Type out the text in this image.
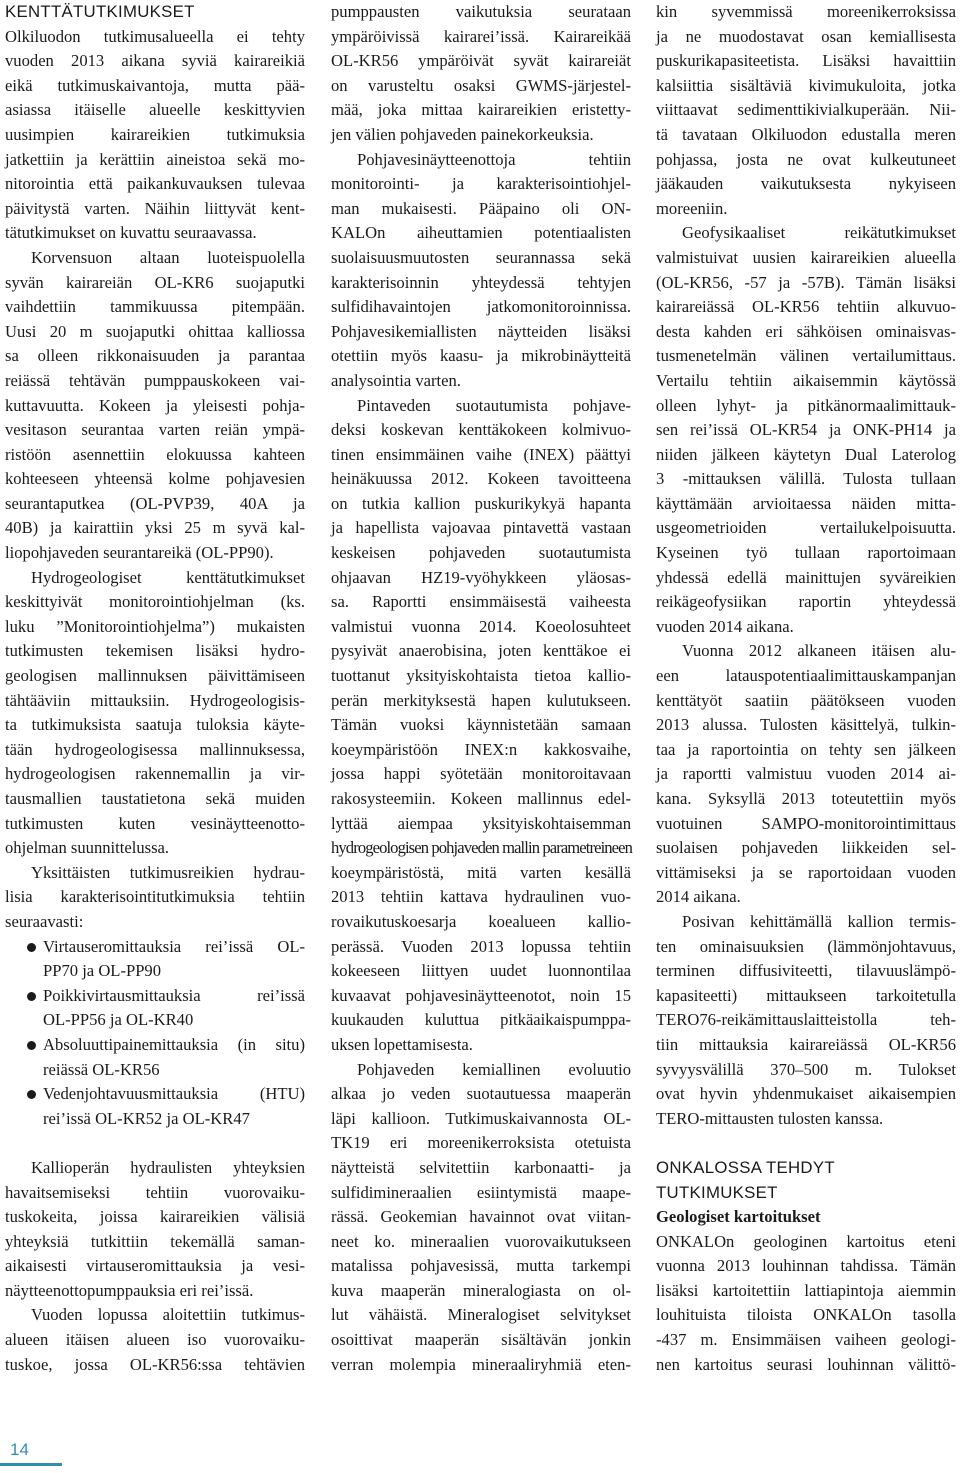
KENTTÄTUTKIMUKSET
Olkiluodon tutkimusalueella ei tehty
vuoden 2013 aikana syviä kairareikiä
eikä tutkimuskaivantoja, mutta pää-
asiassa itäiselle alueelle keskittyvien
uusimpien kairareikien tutkimuksia
jatkettiin ja kerättiin aineistoa sekä mo-
nitorointia että paikankuvauksen tulevaa
päivitystä varten. Näihin liittyvät kent-
tätutkimukset on kuvattu seuraavassa.
Korvensuon altaan luoteispuolella
syvän kairareiän OL-KR6 suojaputki
vaihdettiin tammikuussa pitempään.
Uusi 20 m suojaputki ohittaa kalliossa
sa olleen rikkonaisuuden ja parantaa
reiässä tehtävän pumppauskokeen vai-
kuttavuutta. Kokeen ja yleisesti pohja-
vesitason seurantaa varten reiän ympä-
ristöön asennettiin elokuussa kahteen
kohteeseen yhteensä kolme pohjavesien
seurantaputkea (OL-PVP39, 40A ja
40B) ja kairattiin yksi 25 m syvä kal-
liopohjaveden seurantareikä (OL-PP90).
Hydrogeologiset kenttätutkimukset
keskittyivät monitorointiohjelman (ks.
luku ”Monitorointiohjelma”) mukaisten
tutkimusten tekemisen lisäksi hydro-
geologisen mallinnuksen päivittämiseen
tähtääviin mittauksiin. Hydrogeologisis-
ta tutkimuksista saatuja tuloksia käyte-
tään hydrogeologisessa mallinnuksessa,
hydrogeologisen rakennemallin ja vir-
tausmallien taustatietona sekä muiden
tutkimusten kuten vesinäytteenotto-
ohjelman suunnittelussa.
Yksittäisten tutkimusreikien hydrau-
lisia karakterisointitutkimuksia tehtiin
seuraavasti:
Virtauseromittauksia rei’issä OL-
PP70 ja OL-PP90
Poikkivirtausmittauksia rei’issä
OL-PP56 ja OL-KR40
Absoluuttipainemittauksia (in situ)
reiässä OL-KR56
Vedenjohtavuusmittauksia (HTU)
rei’issä OL-KR52 ja OL-KR47
Kallioperän hydraulisten yhteyksien
havaitsemiseksi tehtiin vuorovaiku-
tuskokeita, joissa kairareikien välisiä
yhteyksiä tutkittiin tekemällä saman-
aikaisesti virtauseromittauksia ja vesi-
näytteenottopumppauksia eri rei’issä.
Vuoden lopussa aloitettiin tutkimus-
alueen itäisen alueen iso vuorovaiku-
tuskoe, jossa OL-KR56:ssa tehtävien
pumppausten vaikutuksia seurataan
ympäröivissä kairarei’issä. Kairareikää
OL-KR56 ympäröivät syvät kairareiät
on varusteltu osaksi GWMS-järjestel-
mää, joka mittaa kairareikien eristetty-
jen välien pohjaveden painekorkeuksia.
Pohjavesinäytteenottoja tehtiin
monitorointi- ja karakterisointiohjel-
man mukaisesti. Pääpaino oli ON-
KALOn aiheuttamien potentiaalisten
suolaisuusmuutosten seurannassa sekä
karakterisoinnin yhteydessä tehtyjen
sulfidihavaintojen jatkomonitoroinnissa.
Pohjavesikemiallisten näytteiden lisäksi
otettiin myös kaasu- ja mikrobinäytteitä
analysointia varten.
Pintaveden suotautumista pohjave-
deksi koskevan kenttäkokeen kolmivuo-
tinen ensimmäinen vaihe (INEX) päättyi
heinäkuussa 2012. Kokeen tavoitteena
on tutkia kallion puskurikykyä hapanta
ja hapellista vajoavaa pintavettä vastaan
keskeisen pohjaveden suotautumista
ohjaavan HZ19-vyöhykkeen yläosas-
sa. Raportti ensimmäisestä vaiheesta
valmistui vuonna 2014. Koeolosuhteet
pysyivät anaerobisina, joten kenttäkoe ei
tuottanut yksityiskohtaista tietoa kallio-
perän merkityksestä hapen kulutukseen.
Tämän vuoksi käynnistetään samaan
koeympäristöön INEX:n kakkosvaihe,
jossa happi syötetään monitoroitavaan
rakosysteemiin. Kokeen mallinnus edel-
lyttää aiempaa yksityiskohtaisemman
hydrogeologisen pohjaveden mallin parametreineen
koeympäristöstä, mitä varten kesällä
2013 tehtiin kattava hydraulinen vuo-
rovaikutuskoesarja koealueen kallio-
perässä. Vuoden 2013 lopussa tehtiin
kokeeseen liittyen uudet luonnontilaa
kuvaavat pohjavesinäytteenotot, noin 15
kuukauden kuluttua pitkäaikaispumppa-
uksen lopettamisesta.
Pohjaveden kemiallinen evoluutio
alkaa jo veden suotautuessa maaperän
läpi kallioon. Tutkimuskaivannosta OL-
TK19 eri moreenikerroksista otetuista
näytteistä selvitettiin karbonaatti- ja
sulfidimineraalien esiintymistä maape-
rässä. Geokemian havainnot ovat viitan-
neet ko. mineraalien vuorovaikutukseen
matalissa pohjavesissä, mutta tarkempi
kuva maaperän mineralogiasta on ol-
lut vähäistä. Mineralogiset selvitykset
osoittivat maaperän sisältävän jonkin
verran molempia mineraaliryhmiä eten-
kin syvemmissä moreenikerroksissa
ja ne muodostavat osan kemiallisesta
puskurikapasiteetista. Lisäksi havaittiin
kalsiittia sisältäviä kivimukuloita, jotka
viittaavat sedimenttikivialkuperään. Nii-
tä tavataan Olkiluodon edustalla meren
pohjassa, josta ne ovat kulkeutuneet
jääkauden vaikutuksesta nykyiseen
moreeniin.
Geofysikaaliset reikätutkimukset
valmistuivat uusien kairareikien alueella
(OL-KR56, -57 ja -57B). Tämän lisäksi
kairareiässä OL-KR56 tehtiin alkuvuo-
desta kahden eri sähköisen ominaisvas-
tusmenetelmän välinen vertailumittaus.
Vertailu tehtiin aikaisemmin käytössä
olleen lyhyt- ja pitkänormaalimittauk-
sen rei’issä OL-KR54 ja ONK-PH14 ja
niiden jälkeen käytetyn Dual Laterolog
3 -mittauksen välillä. Tulosta tullaan
käyttämään arvioitaessa näiden mitta-
usgeometrioiden vertailukelpoisuutta.
Kyseinen työ tullaan raportoimaan
yhdessä edellä mainittujen syväreikien
reikägeofysiikan raportin yhteydessä
vuoden 2014 aikana.
Vuonna 2012 alkaneen itäisen alu-
een latauspotentiaalimittauskampanjan
kenttätyöt saatiin päätökseen vuoden
2013 alussa. Tulosten käsittelyä, tulkin-
taa ja raportointia on tehty sen jälkeen
ja raportti valmistuu vuoden 2014 ai-
kana. Syksyllä 2013 toteutettiin myös
vuotuinen SAMPO-monitorointimittaus
suolaisen pohjaveden liikkeiden sel-
vittämiseksi ja se raportoidaan vuoden
2014 aikana.
Posivan kehittämällä kallion termis-
ten ominaisuuksien (lämmönjohtavuus,
terminen diffusiviteetti, tilavuuslämpö-
kapasiteetti) mittaukseen tarkoitetulla
TERO76-reikämittauslaitteistolla teh-
tiin mittauksia kairareiässä OL-KR56
syvyysvälillä 370–500 m. Tulokset
ovat hyvin yhdenmukaiset aikaisempien
TERO-mittausten tulosten kanssa.
ONKALOSSA TEHDYT
TUTKIMUKSET
Geologiset kartoitukset
ONKALOn geologinen kartoitus eteni
vuonna 2013 louhinnan tahdissa. Tämän
lisäksi kartoitettiin lattiapintoja aiemmin
louhituista tiloista ONKALOn tasolla
-437 m. Ensimmäisen vaiheen geologi-
nen kartoitus seurasi louhinnan välittö-
14
